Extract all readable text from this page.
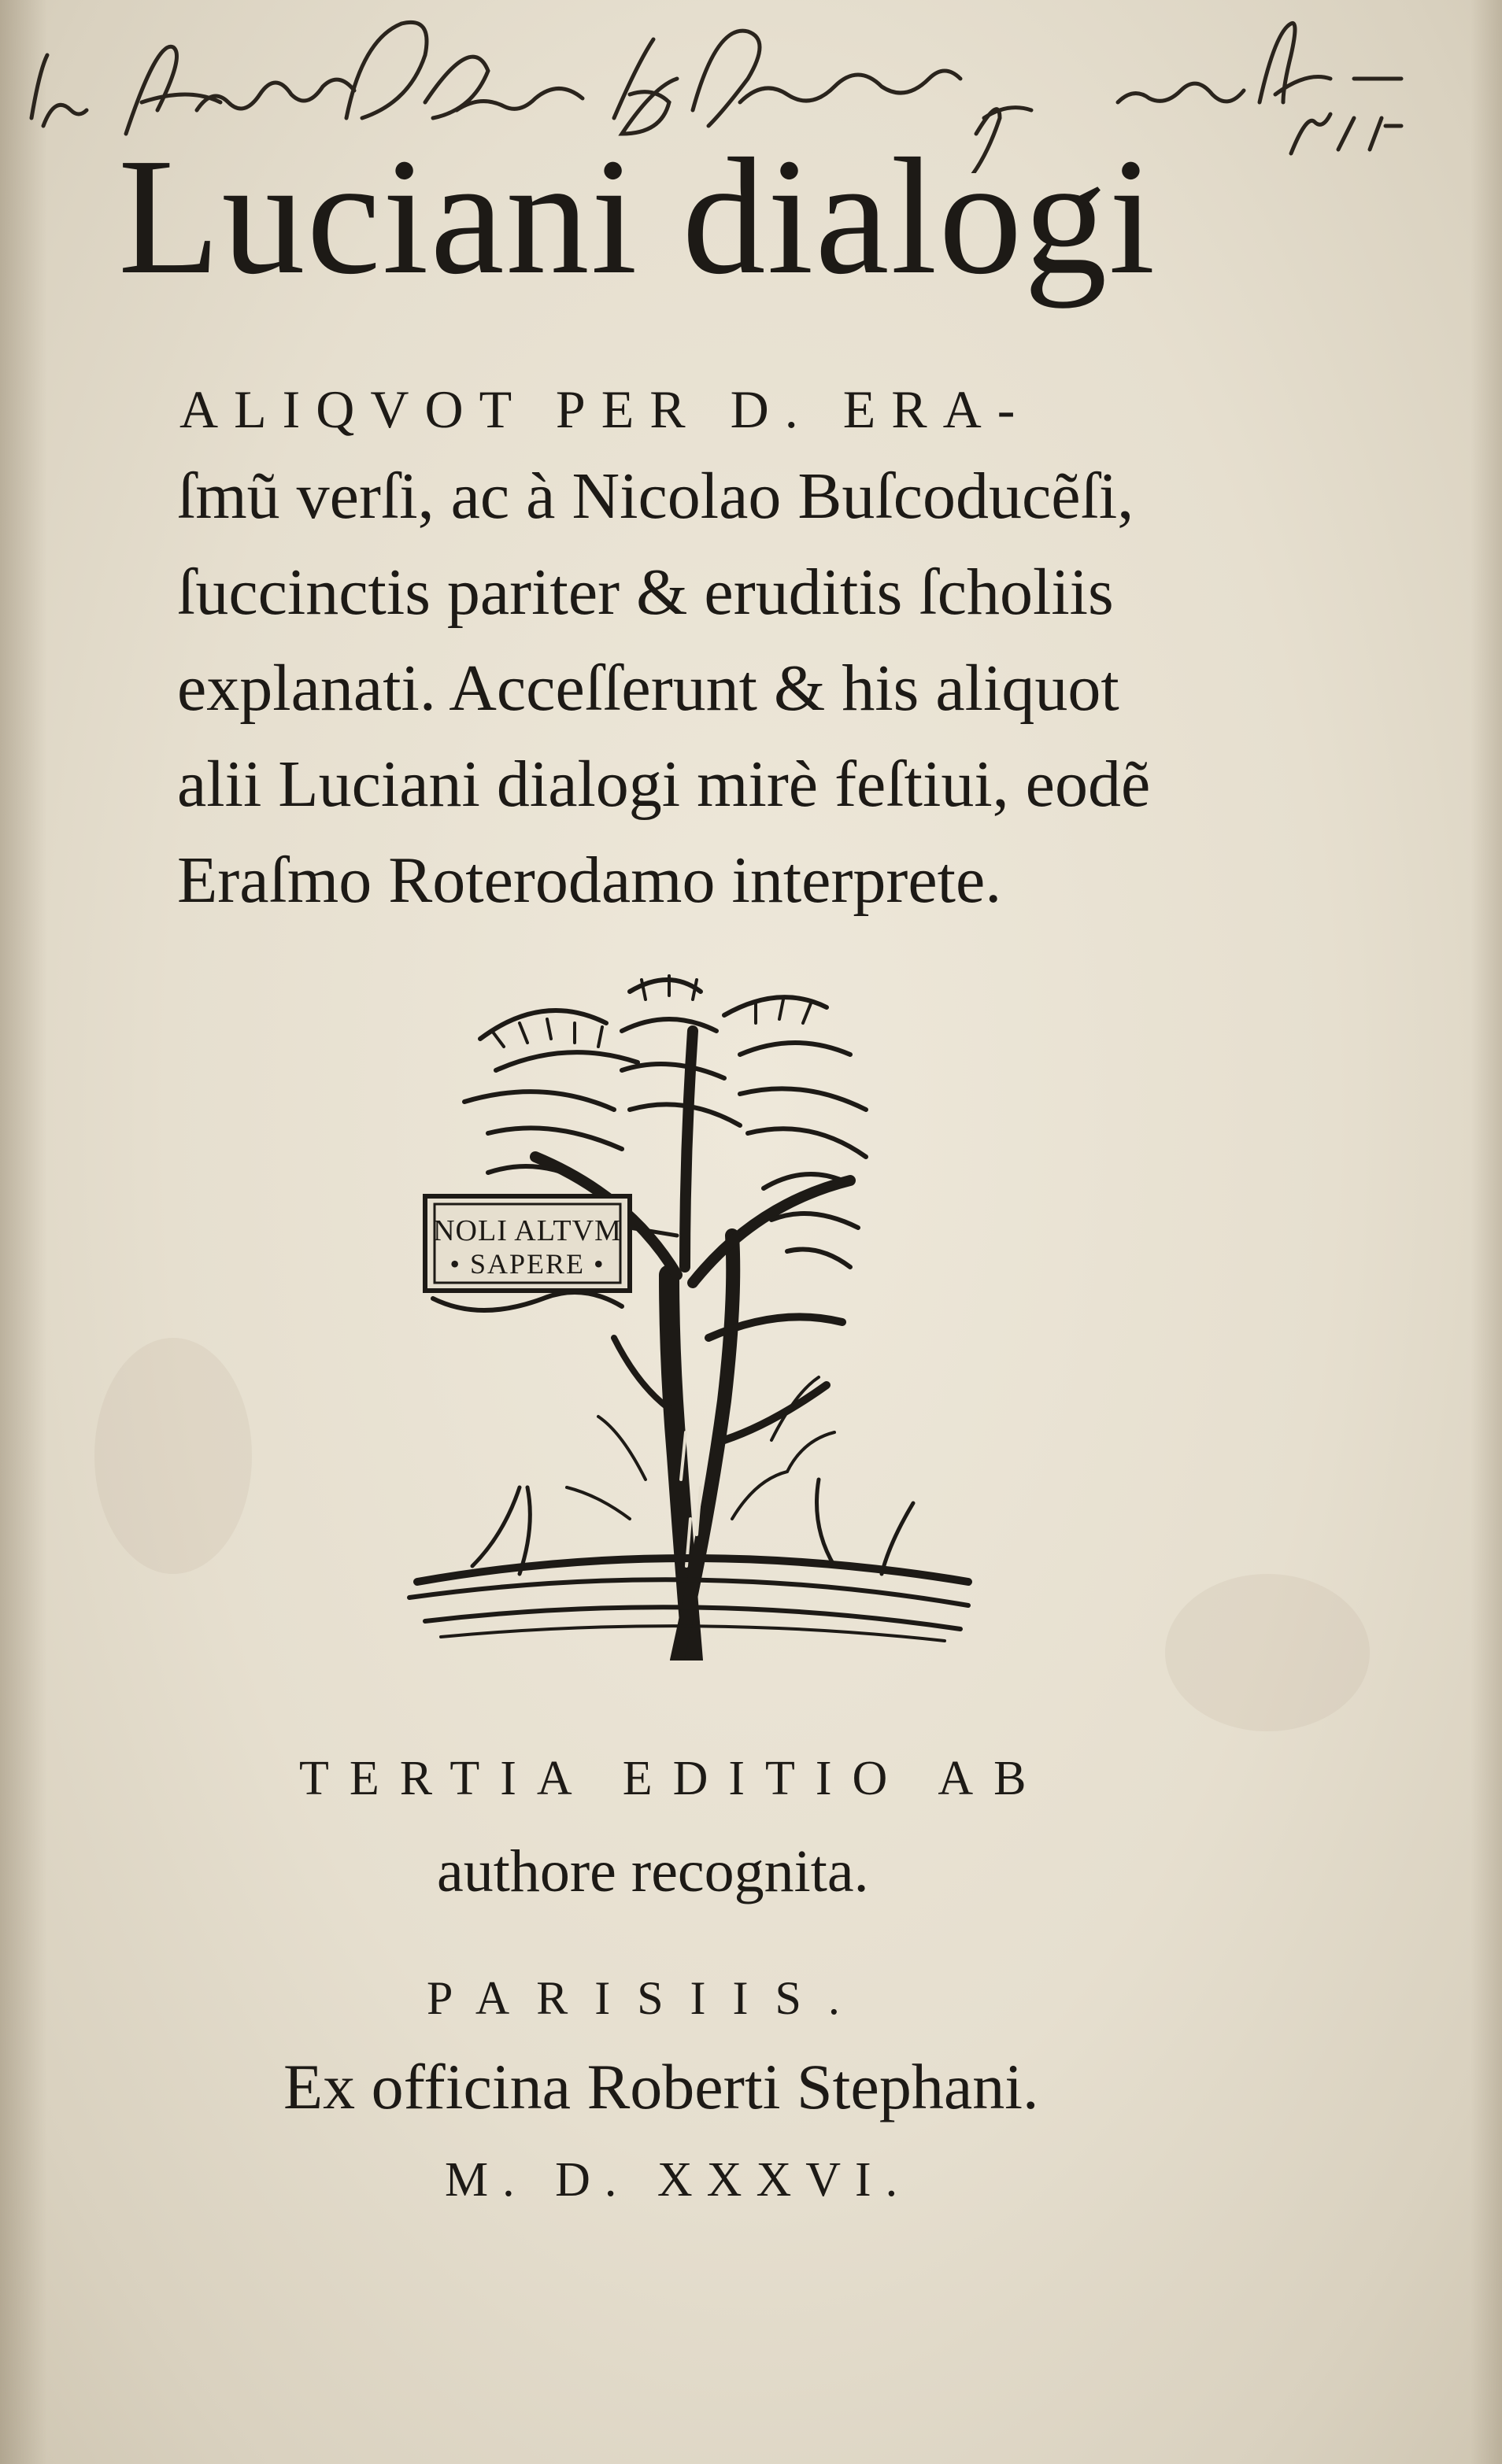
Luciani dialogi
ALIQVOT PER D. ERA-
ſmũ verſi, ac à Nicolao Buſcoducẽſi,
ſuccinctis pariter & eruditis ſcholiis
explanati. Acceſſerunt & his aliquot
alii Luciani dialogi mirè feſtiui, eodẽ
Eraſmo Roterodamo interprete.
NOLI ALTVM
• SAPERE •
TERTIA EDITIO AB
authore recognita.
PARISIIS.
Ex officina Roberti Stephani.
M. D. XXXVI.
